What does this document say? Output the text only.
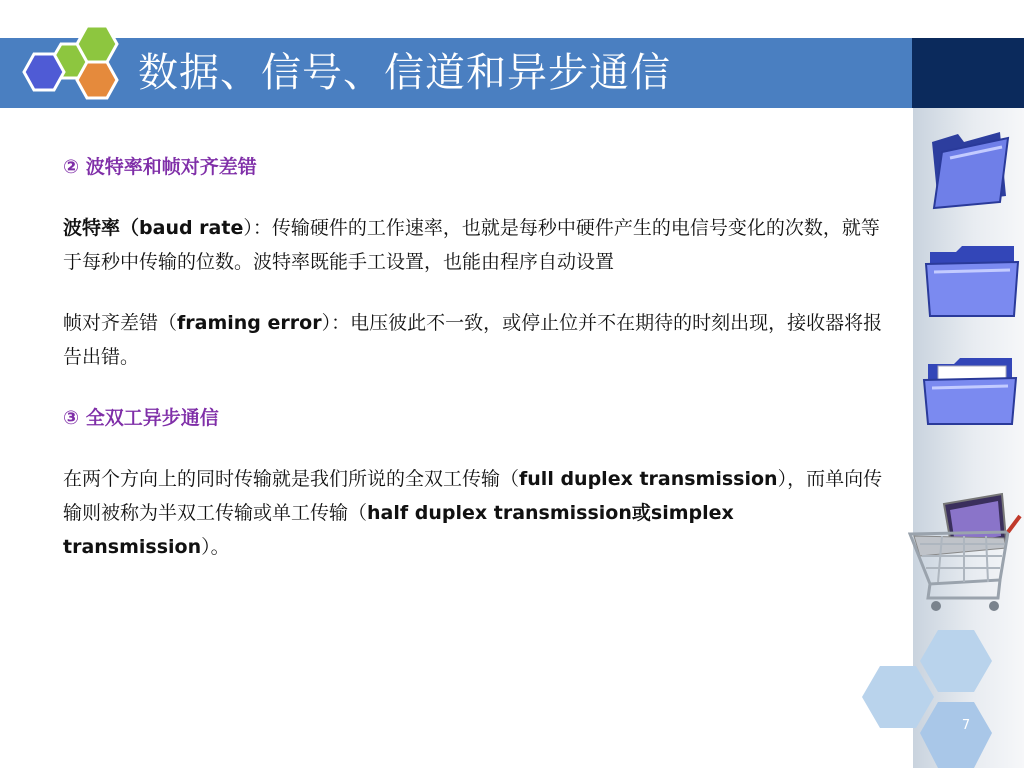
数据、信号、信道和异步通信
7

② 波特率和帧对齐差错

波特率（baud rate）：传输硬件的工作速率，也就是每秒中硬件产生的电信号变化的次数，就等于每秒中传输的位数。波特率既能手工设置，也能由程序自动设置

帧对齐差错（framing error）：电压彼此不一致，或停止位并不在期待的时刻出现，接收器将报告出错。

③ 全双工异步通信

在两个方向上的同时传输就是我们所说的全双工传输（full duplex transmission），而单向传输则被称为半双工传输或单工传输（half duplex transmission或simplex transmission）。
